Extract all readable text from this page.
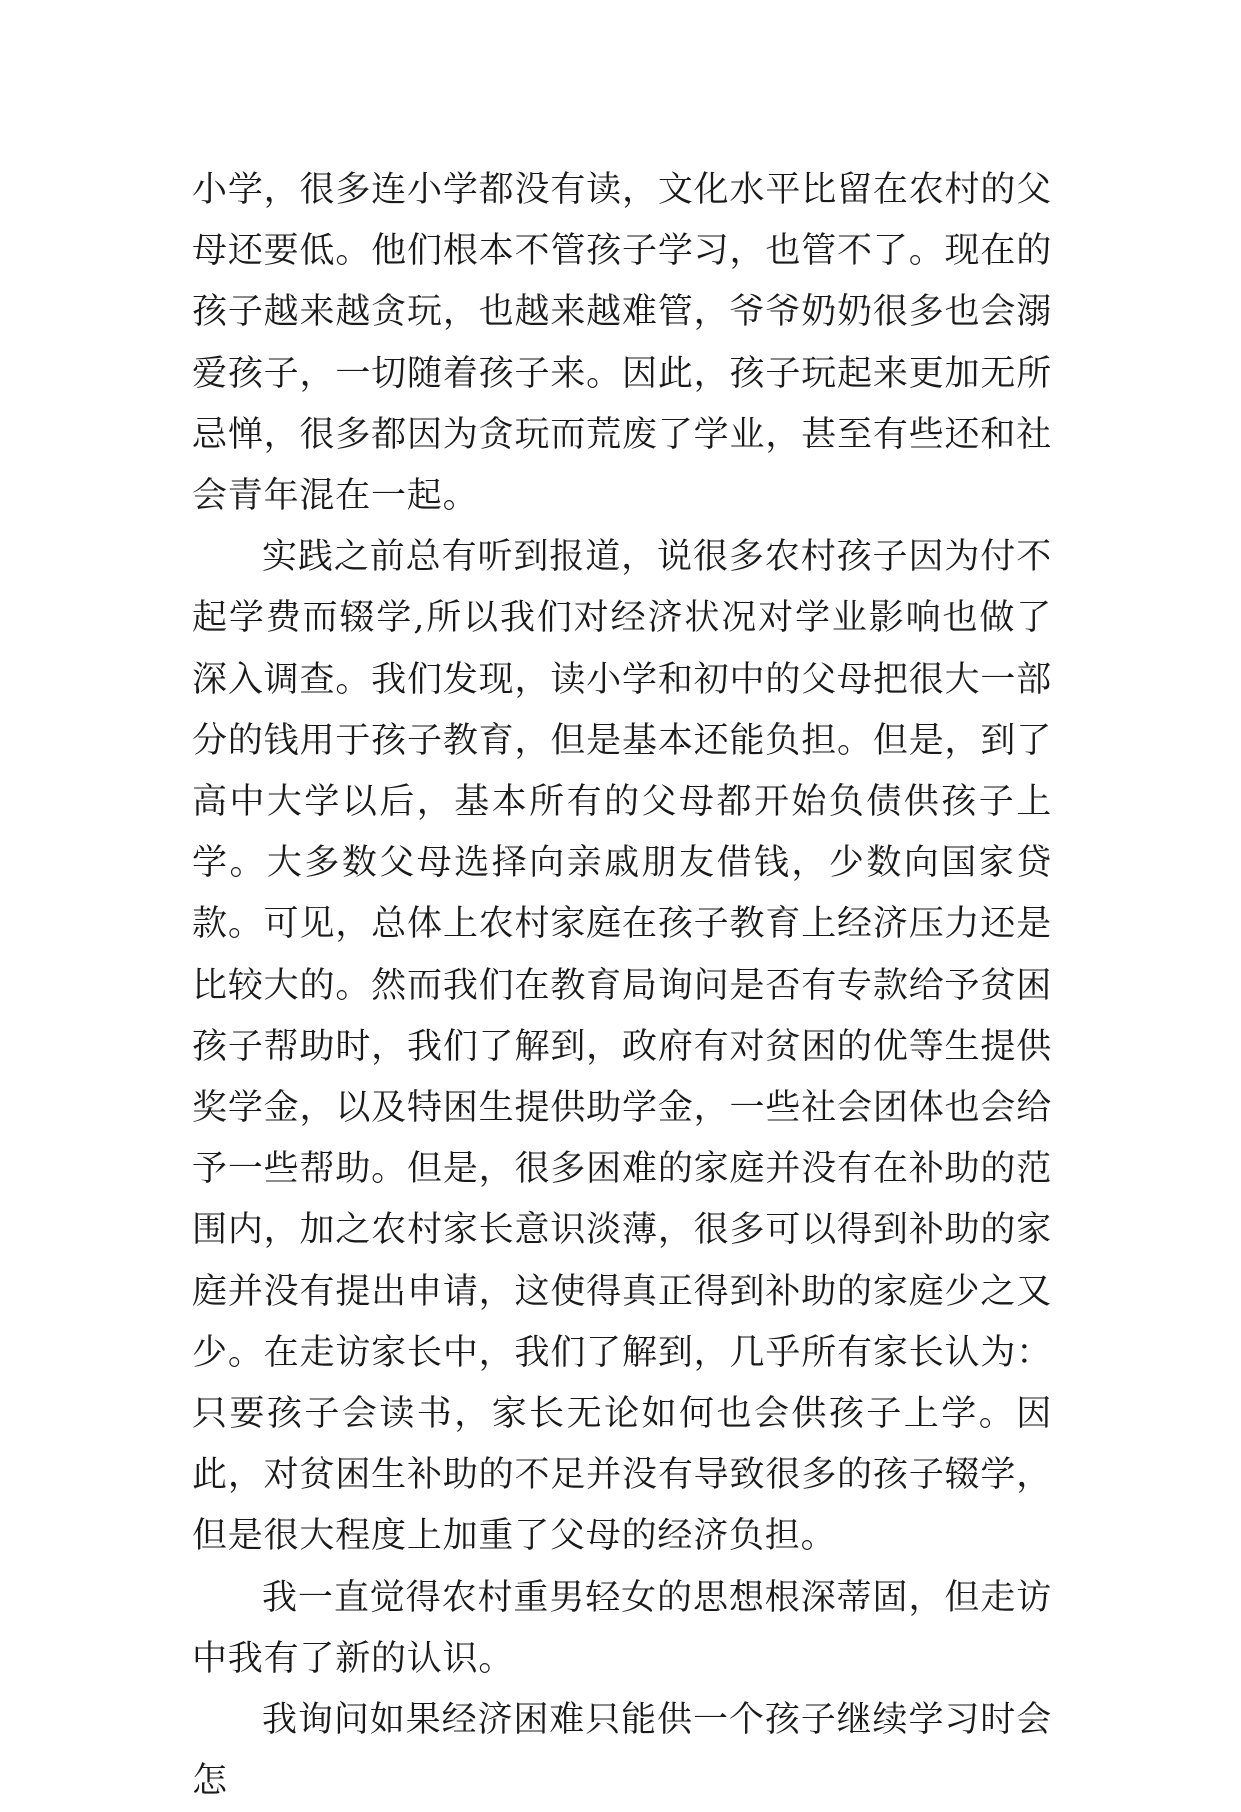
小学，很多连小学都没有读，文化水平比留在农村的父母还要低。他们根本不管孩子学习，也管不了。现在的孩子越来越贪玩，也越来越难管，爷爷奶奶很多也会溺爱孩子，一切随着孩子来。因此，孩子玩起来更加无所忌惮，很多都因为贪玩而荒废了学业，甚至有些还和社会青年混在一起。

实践之前总有听到报道，说很多农村孩子因为付不起学费而辍学,所以我们对经济状况对学业影响也做了深入调查。我们发现，读小学和初中的父母把很大一部分的钱用于孩子教育，但是基本还能负担。但是，到了高中大学以后，基本所有的父母都开始负债供孩子上学。大多数父母选择向亲戚朋友借钱，少数向国家贷款。可见，总体上农村家庭在孩子教育上经济压力还是比较大的。然而我们在教育局询问是否有专款给予贫困孩子帮助时，我们了解到，政府有对贫困的优等生提供奖学金，以及特困生提供助学金，一些社会团体也会给予一些帮助。但是，很多困难的家庭并没有在补助的范围内，加之农村家长意识淡薄，很多可以得到补助的家庭并没有提出申请，这使得真正得到补助的家庭少之又少。在走访家长中，我们了解到，几乎所有家长认为：只要孩子会读书，家长无论如何也会供孩子上学。因此，对贫困生补助的不足并没有导致很多的孩子辍学，但是很大程度上加重了父母的经济负担。

我一直觉得农村重男轻女的思想根深蒂固，但走访中我有了新的认识。

我询问如果经济困难只能供一个孩子继续学习时会怎
